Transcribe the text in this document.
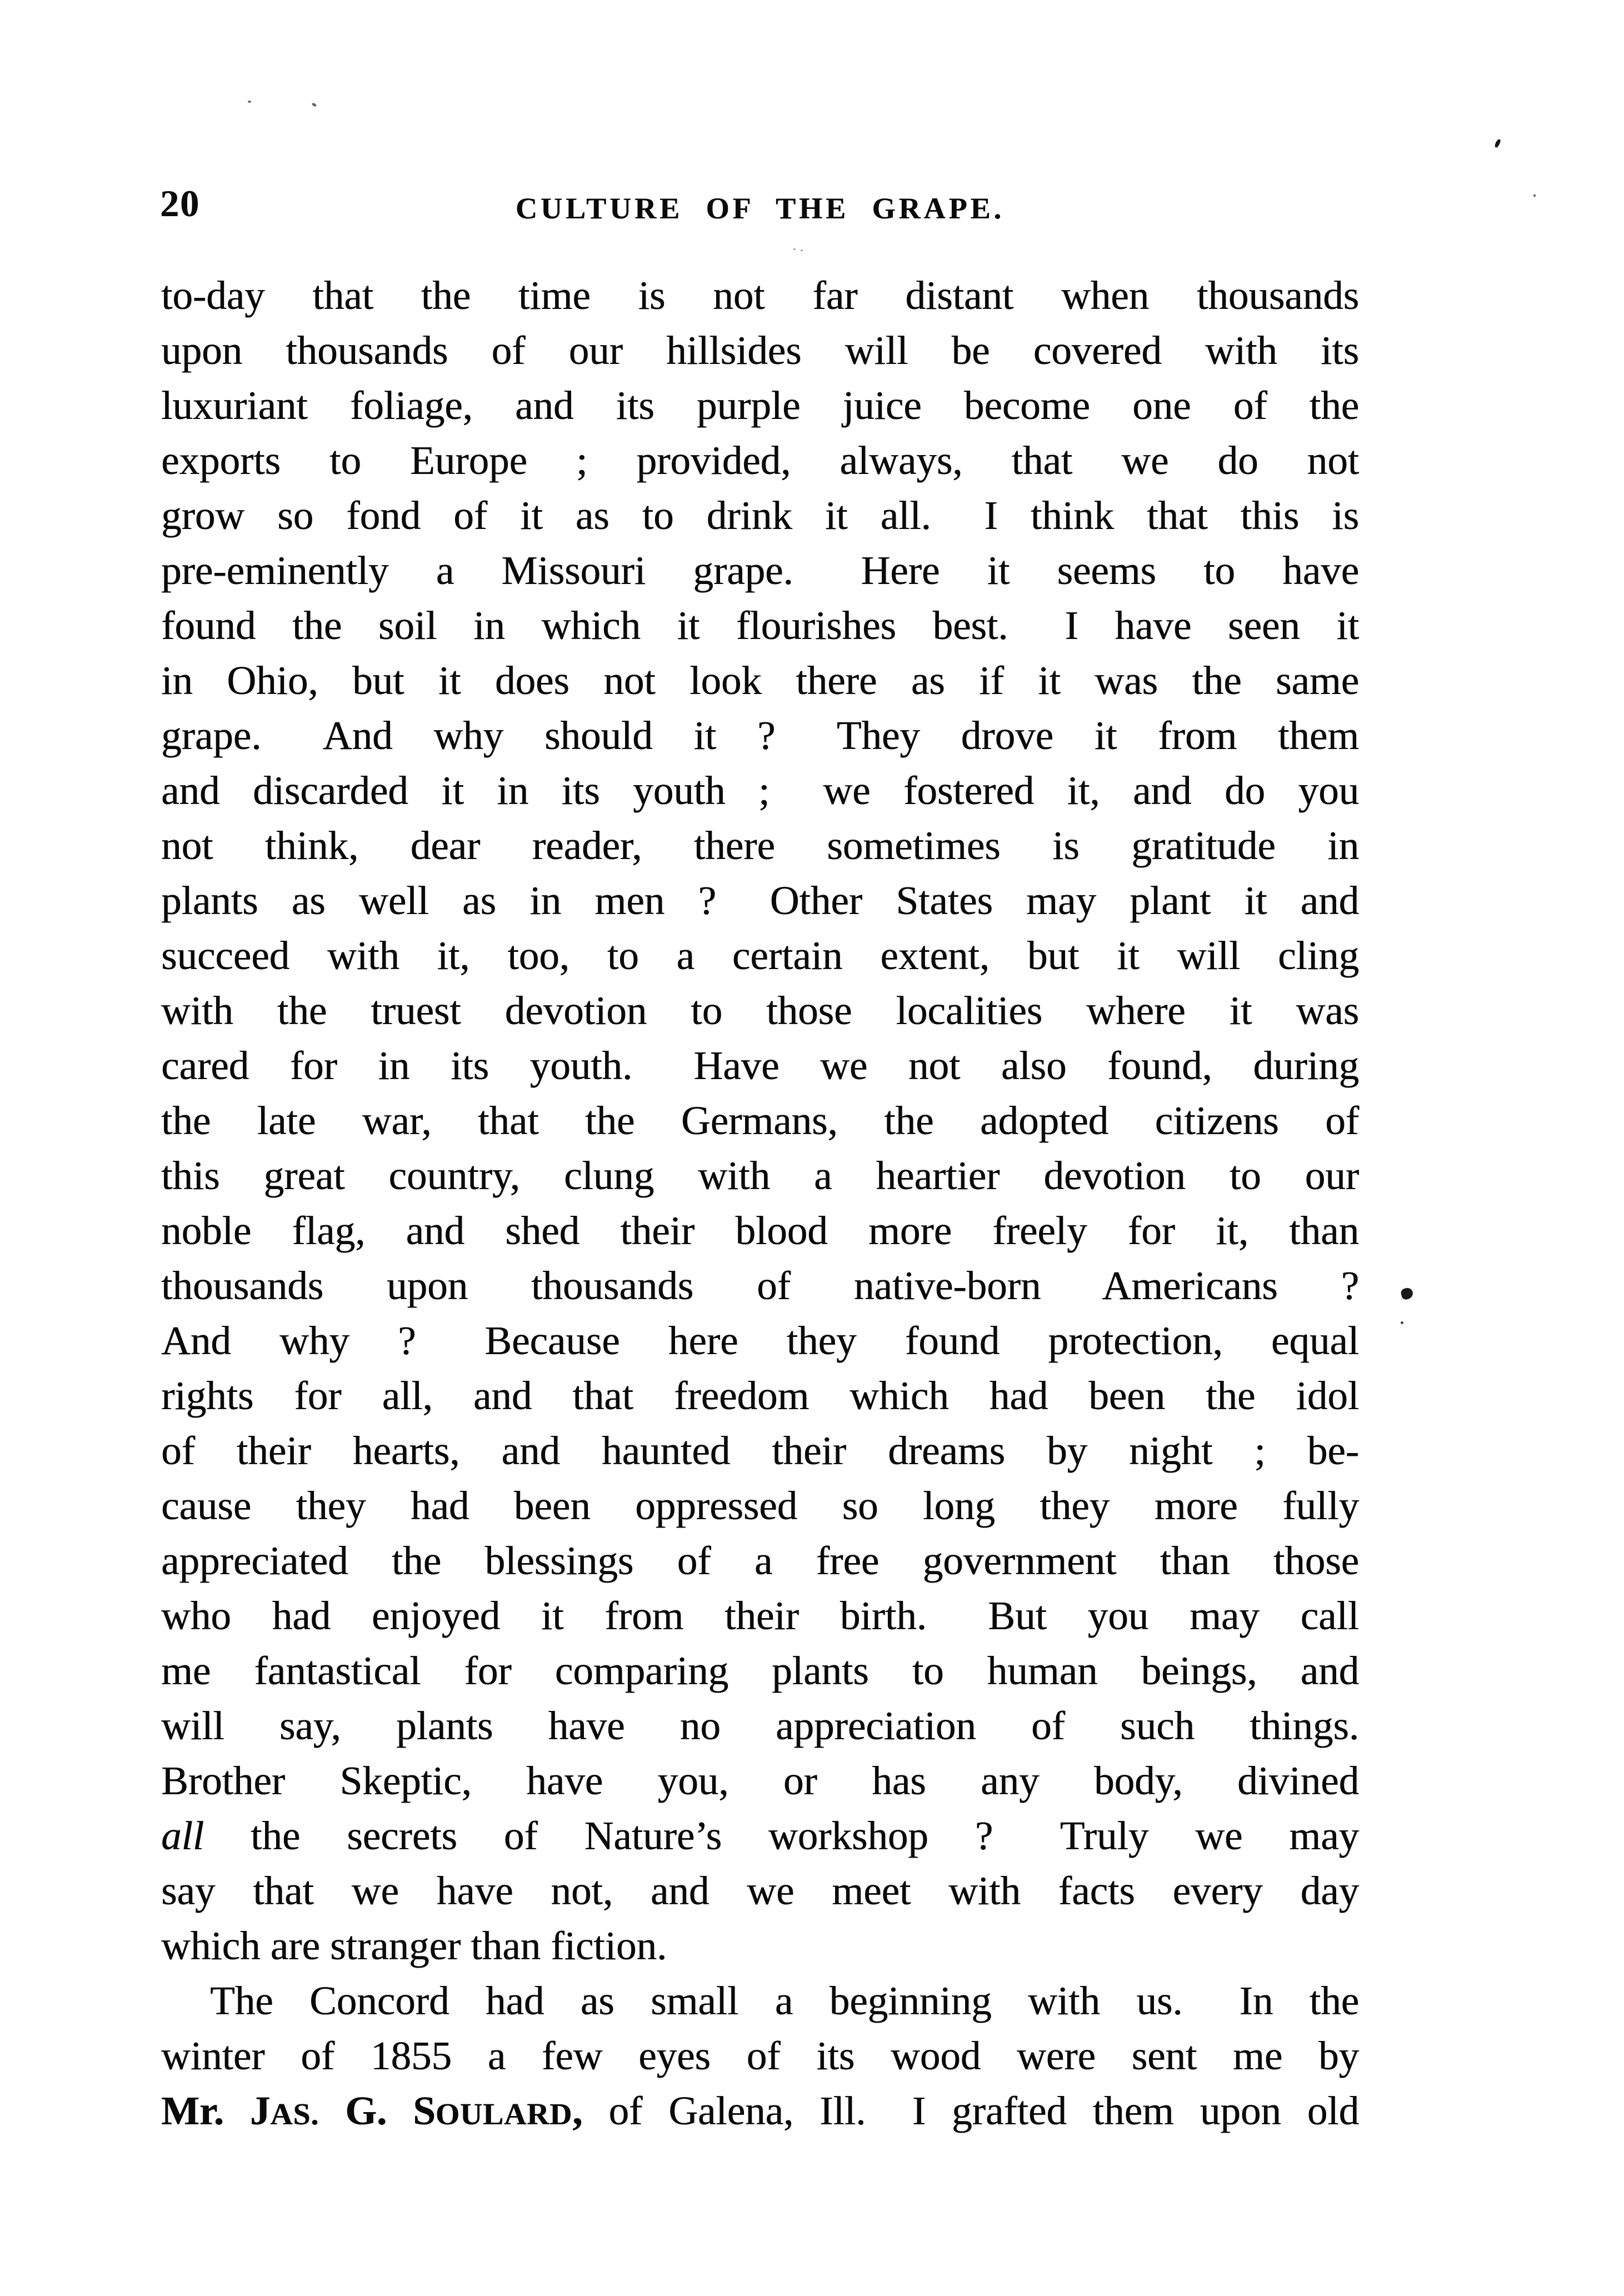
20	CULTURE OF THE GRAPE.
to-day that the time is not far distant when thousands
upon thousands of our hillsides will be covered with its
luxuriant foliage, and its purple juice become one of the
exports to Europe ; provided, always, that we do not
grow so fond of it as to drink it all.  I think that this is
pre-eminently a Missouri grape.  Here it seems to have
found the soil in which it flourishes best.  I have seen it
in Ohio, but it does not look there as if it was the same
grape.  And why should it ?  They drove it from them
and discarded it in its youth ;  we fostered it, and do you
not think, dear reader, there sometimes is gratitude in
plants as well as in men ?  Other States may plant it and
succeed with it, too, to a certain extent, but it will cling
with the truest devotion to those localities where it was
cared for in its youth.  Have we not also found, during
the late war, that the Germans, the adopted citizens of
this great country, clung with a heartier devotion to our
noble flag, and shed their blood more freely for it, than
thousands upon thousands of native-born Americans ?
And why ?  Because here they found protection, equal
rights for all, and that freedom which had been the idol
of their hearts, and haunted their dreams by night ; be-
cause they had been oppressed so long they more fully
appreciated the blessings of a free government than those
who had enjoyed it from their birth.  But you may call
me fantastical for comparing plants to human beings, and
will say, plants have no appreciation of such things.
Brother Skeptic, have you, or has any body, divined
all the secrets of Nature’s workshop ?  Truly we may
say that we have not, and we meet with facts every day
which are stranger than fiction.
The Concord had as small a beginning with us.  In the
winter of 1855 a few eyes of its wood were sent me by
Mr. JAS. G. SOULARD, of Galena, Ill.  I grafted them upon old
